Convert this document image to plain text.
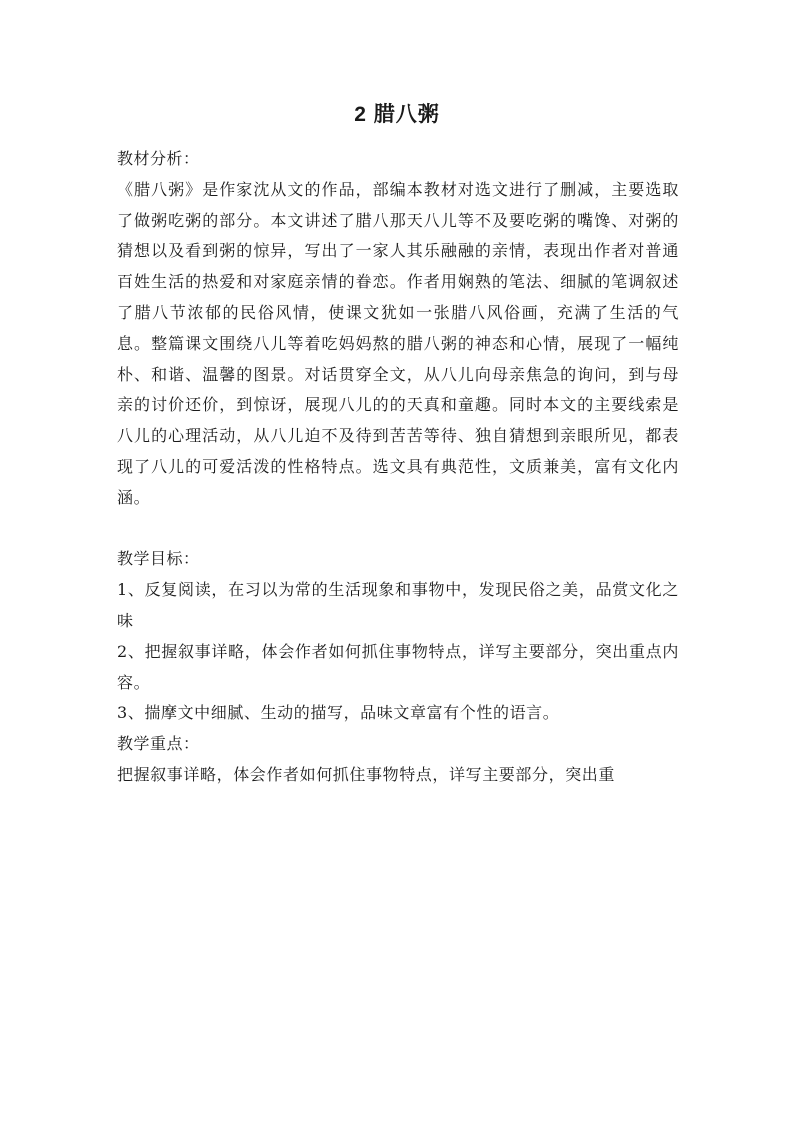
2 腊八粥

教材分析：

《腊八粥》是作家沈从文的作品，部编本教材对选文进行了删减，主要选取了做粥吃粥的部分。本文讲述了腊八那天八儿等不及要吃粥的嘴馋、对粥的猜想以及看到粥的惊异，写出了一家人其乐融融的亲情，表现出作者对普通百姓生活的热爱和对家庭亲情的眷恋。作者用娴熟的笔法、细腻的笔调叙述了腊八节浓郁的民俗风情，使课文犹如一张腊八风俗画，充满了生活的气息。整篇课文围绕八儿等着吃妈妈熬的腊八粥的神态和心情，展现了一幅纯朴、和谐、温馨的图景。对话贯穿全文，从八儿向母亲焦急的询问，到与母亲的讨价还价，到惊讶，展现八儿的的天真和童趣。同时本文的主要线索是八儿的心理活动，从八儿迫不及待到苦苦等待、独自猜想到亲眼所见，都表现了八儿的可爱活泼的性格特点。选文具有典范性，文质兼美，富有文化内涵。

教学目标：

1、反复阅读，在习以为常的生活现象和事物中，发现民俗之美，品赏文化之味

2、把握叙事详略，体会作者如何抓住事物特点，详写主要部分，突出重点内容。

3、揣摩文中细腻、生动的描写，品味文章富有个性的语言。

教学重点：

把握叙事详略，体会作者如何抓住事物特点，详写主要部分，突出重
